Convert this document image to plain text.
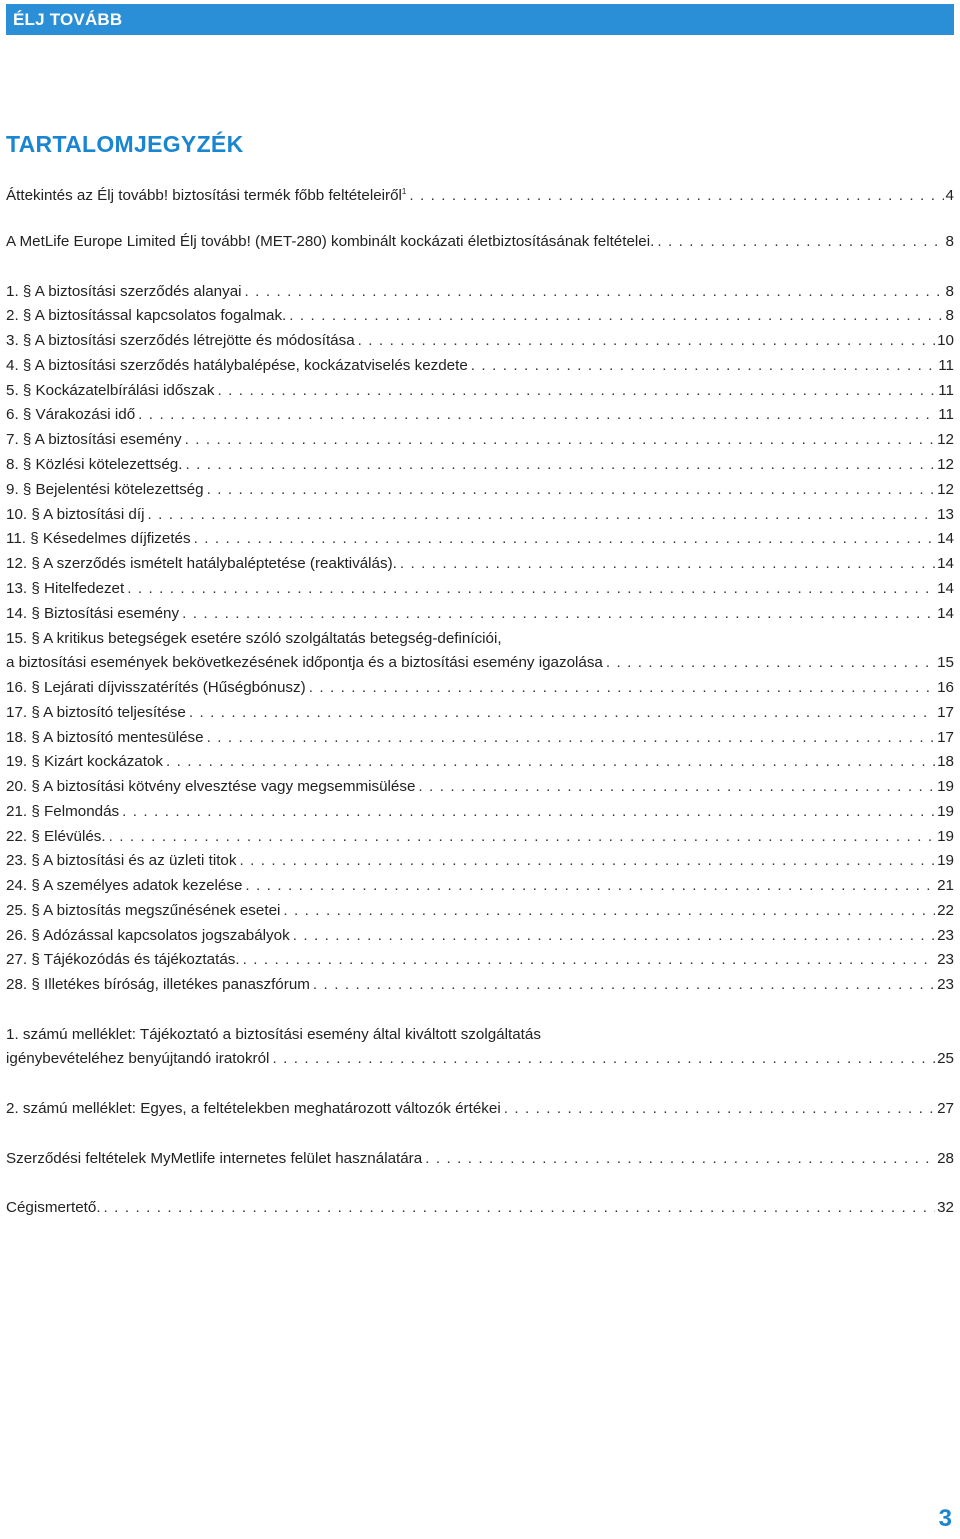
ÉLJ TOVÁBB
TARTALOMJEGYZÉK
Áttekintés az Élj tovább! biztosítási termék főbb feltételeiről$^1$ . . .	4
A MetLife Europe Limited Élj tovább! (MET-280) kombinált kockázati életbiztosításának feltételei. . . .	8
1. § A biztosítási szerződés alanyai . . .	8
2. § A biztosítással kapcsolatos fogalmak. . . .	8
3. § A biztosítási szerződés létrejötte és módosítása . . .	10
4. § A biztosítási szerződés hatálybalépése, kockázatviselés kezdete . . .	11
5. § Kockázatelbírálási időszak . . .	11
6. § Várakozási idő . . .	11
7. § A biztosítási esemény . . .	12
8. § Közlési kötelezettség. . . .	12
9. § Bejelentési kötelezettség . . .	12
10. § A biztosítási díj . . .	13
11. § Késedelmes díjfizetés . . .	14
12. § A szerződés ismételt hatálybaléptetése (reaktiválás). . . .	14
13. § Hitelfedezet . . .	14
14. § Biztosítási esemény . . .	14
15. § A kritikus betegségek esetére szóló szolgáltatás betegség-definíciói,
a biztosítási események bekövetkezésének időpontja és a biztosítási esemény igazolása . . .	15
16. § Lejárati díjvisszatérítés (Hűségbónusz) . . .	16
17. § A biztosító teljesítése . . .	17
18. § A biztosító mentesülése . . .	17
19. § Kizárt kockázatok . . .	18
20. § A biztosítási kötvény elvesztése vagy megsemmisülése . . .	19
21. § Felmondás . . .	19
22. § Elévülés. . . .	19
23. § A biztosítási és az üzleti titok . . .	19
24. § A személyes adatok kezelése . . .	21
25. § A biztosítás megszűnésének esetei . . .	22
26. § Adózással kapcsolatos jogszabályok . . .	23
27. § Tájékozódás és tájékoztatás. . . .	23
28. § Illetékes bíróság, illetékes panaszfórum . . .	23
1. számú melléklet: Tájékoztató a biztosítási esemény által kiváltott szolgáltatás
igénybevételéhez benyújtandó iratokról . . .	25
2. számú melléklet: Egyes, a feltételekben meghatározott változók értékei . . .	27
Szerződési feltételek MyMetlife internetes felület használatára . . .	28
Cégismertető. . . .	32
3
